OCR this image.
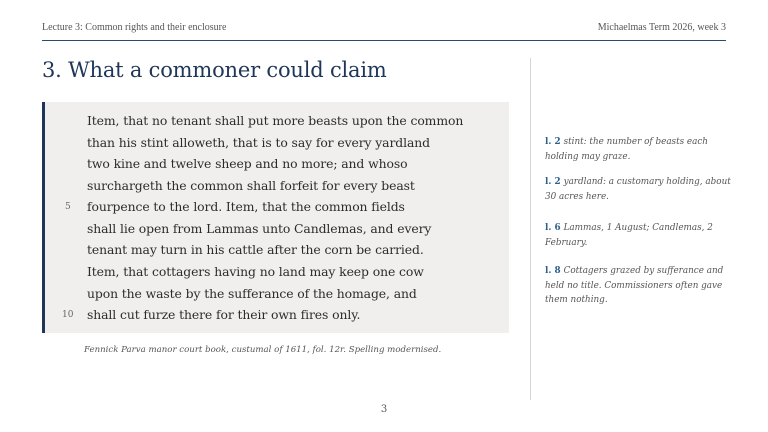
Lecture 3: Common rights and their enclosure	Michaelmas Term 2026, week 3
3. What a commoner could claim
Item, that no tenant shall put more beasts upon the common
than his stint alloweth, that is to say for every yardland
two kine and twelve sheep and no more; and whoso
surchargeth the common shall forfeit for every beast
5 fourpence to the lord. Item, that the common fields
shall lie open from Lammas unto Candlemas, and every
tenant may turn in his cattle after the corn be carried.
Item, that cottagers having no land may keep one cow
upon the waste by the sufferance of the homage, and
10 shall cut furze there for their own fires only.
Fennick Parva manor court book, custumal of 1611, fol. 12r. Spelling modernised.
l. 2 stint: the number of beasts each holding may graze.
l. 2 yardland: a customary holding, about 30 acres here.
l. 6 Lammas, 1 August; Candlemas, 2 February.
l. 8 Cottagers grazed by sufferance and held no title. Commissioners often gave them nothing.
3
